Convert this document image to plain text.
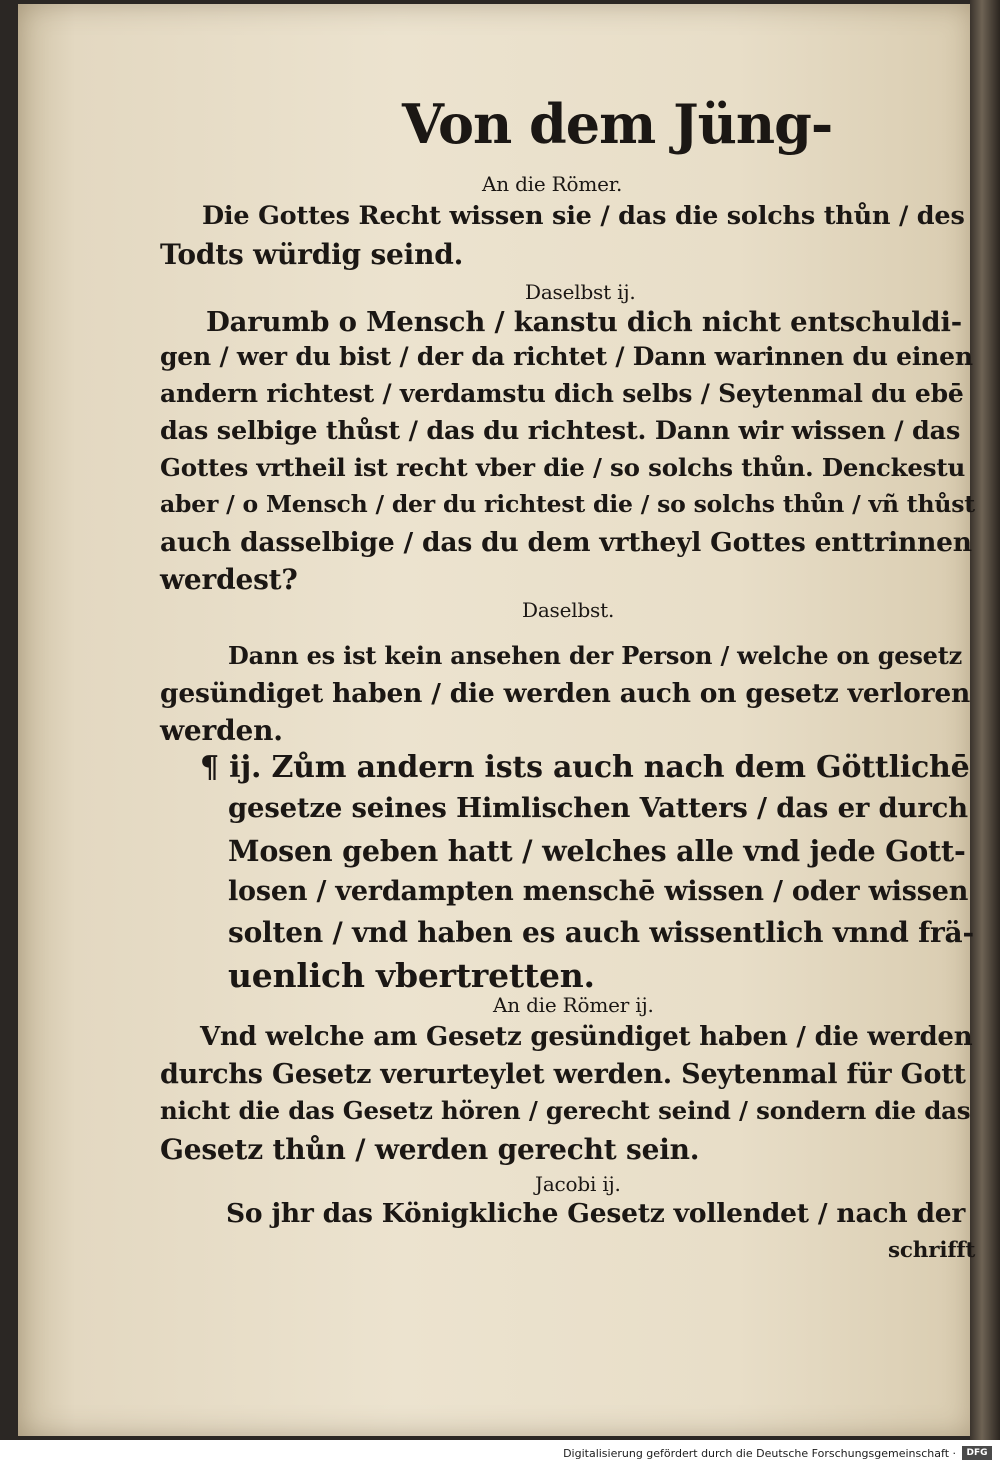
Von dem Jüng-
An die Römer.
Die Gottes Recht wissen sie / das die solchs thůn / des
Todts würdig seind.
Daselbst ij.
Darumb o Mensch / kanstu dich nicht entschuldi-
gen / wer du bist / der da richtet / Dann warinnen du einen
andern richtest / verdamstu dich selbs / Seytenmal du ebē
das selbige thůst / das du richtest. Dann wir wissen / das
Gottes vrtheil ist recht vber die / so solchs thůn. Denckestu
aber / o Mensch / der du richtest die / so solchs thůn / vñ thůst
auch dasselbige / das du dem vrtheyl Gottes enttrinnen
werdest?
Daselbst.
Dann es ist kein ansehen der Person / welche on gesetz
gesündiget haben / die werden auch on gesetz verloren
werden.
¶ ij. Zům andern ists auch nach dem Göttlichē
gesetze seines Himlischen Vatters / das er durch
Mosen geben hatt / welches alle vnd jede Gott-
losen / verdampten menschē wissen / oder wissen
solten / vnd haben es auch wissentlich vnnd frä-
uenlich vbertretten.
An die Römer ij.
Vnd welche am Gesetz gesündiget haben / die werden
durchs Gesetz verurteylet werden. Seytenmal für Gott
nicht die das Gesetz hören / gerecht seind / sondern die das
Gesetz thůn / werden gerecht sein.
Jacobi ij.
So jhr das Königkliche Gesetz vollendet / nach der
schrifft
Digitalisierung gefördert durch die Deutsche Forschungsgemeinschaft ·	DFG
